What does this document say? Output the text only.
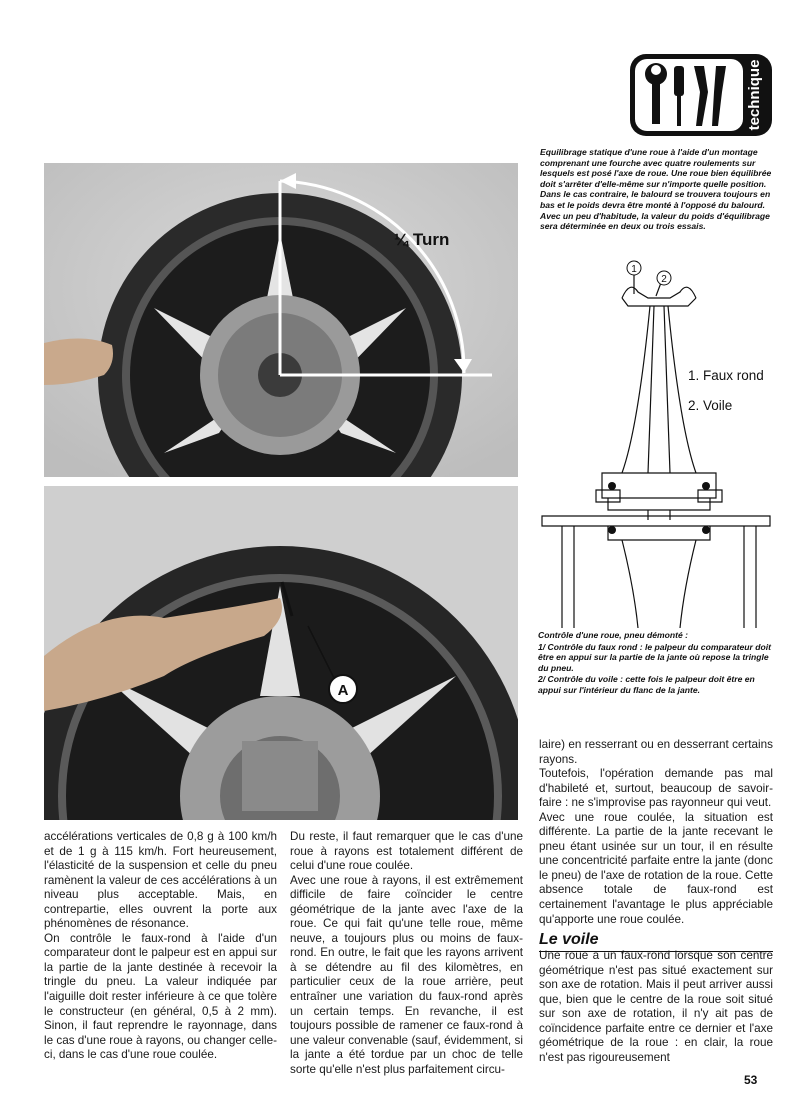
technique
Equilibrage statique d'une roue à l'aide d'un montage comprenant une fourche avec quatre roulements sur lesquels est posé l'axe de roue. Une roue bien équilibrée doit s'arrêter d'elle-même sur n'importe quelle position. Dans le cas contraire, le balourd se trouvera toujours en bas et le poids devra être monté à l'opposé du balourd. Avec un peu d'habitude, la valeur du poids d'équilibrage sera déterminée en deux ou trois essais.
¼ Turn
A
1
2
1. Faux rond
2. Voile

Contrôle d'une roue, pneu démonté :

1/ Contrôle du faux rond : le palpeur du comparateur doit être en appui sur la partie de la jante où repose la tringle du pneu.

2/ Contrôle du voile : cette fois le palpeur doit être en appui sur l'intérieur du flanc de la jante.

accélérations verticales de 0,8 g à 100 km/h et de 1 g à 115 km/h. Fort heureusement, l'élasticité de la suspension et celle du pneu ramènent la valeur de ces accélérations à un niveau plus acceptable. Mais, en contrepartie, elles ouvrent la porte aux phénomènes de résonance.

On contrôle le faux-rond à l'aide d'un comparateur dont le palpeur est en appui sur la partie de la jante destinée à recevoir la tringle du pneu. La valeur indiquée par l'aiguille doit rester inférieure à ce que tolère le constructeur (en général, 0,5 à 2 mm). Sinon, il faut reprendre le rayonnage, dans le cas d'une roue à rayons, ou changer celle-ci, dans le cas d'une roue coulée.

Du reste, il faut remarquer que le cas d'une roue à rayons est totalement différent de celui d'une roue coulée.

Avec une roue à rayons, il est extrêmement difficile de faire coïncider le centre géométrique de la jante avec l'axe de la roue. Ce qui fait qu'une telle roue, même neuve, a toujours plus ou moins de faux-rond. En outre, le fait que les rayons arrivent à se détendre au fil des kilomètres, en particulier ceux de la roue arrière, peut entraîner une variation du faux-rond après un certain temps. En revanche, il est toujours possible de ramener ce faux-rond à une valeur convenable (sauf, évidemment, si la jante a été tordue par un choc de telle sorte qu'elle n'est plus parfaitement circu-

laire) en resserrant ou en desserrant certains rayons.

Toutefois, l'opération demande pas mal d'habileté et, surtout, beaucoup de savoir-faire : ne s'improvise pas rayonneur qui veut.

Avec une roue coulée, la situation est différente. La partie de la jante recevant le pneu étant usinée sur un tour, il en résulte une concentricité parfaite entre la jante (donc le pneu) de l'axe de rotation de la roue. Cette absence totale de faux-rond est certainement l'avantage le plus appréciable qu'apporte une roue coulée.

Le voile

Une roue a un faux-rond lorsque son centre géométrique n'est pas situé exactement sur son axe de rotation. Mais il peut arriver aussi que, bien que le centre de la roue soit situé sur son axe de rotation, il n'y ait pas de coïncidence parfaite entre ce dernier et l'axe géométrique de la roue : en clair, la roue n'est pas rigoureusement

53
